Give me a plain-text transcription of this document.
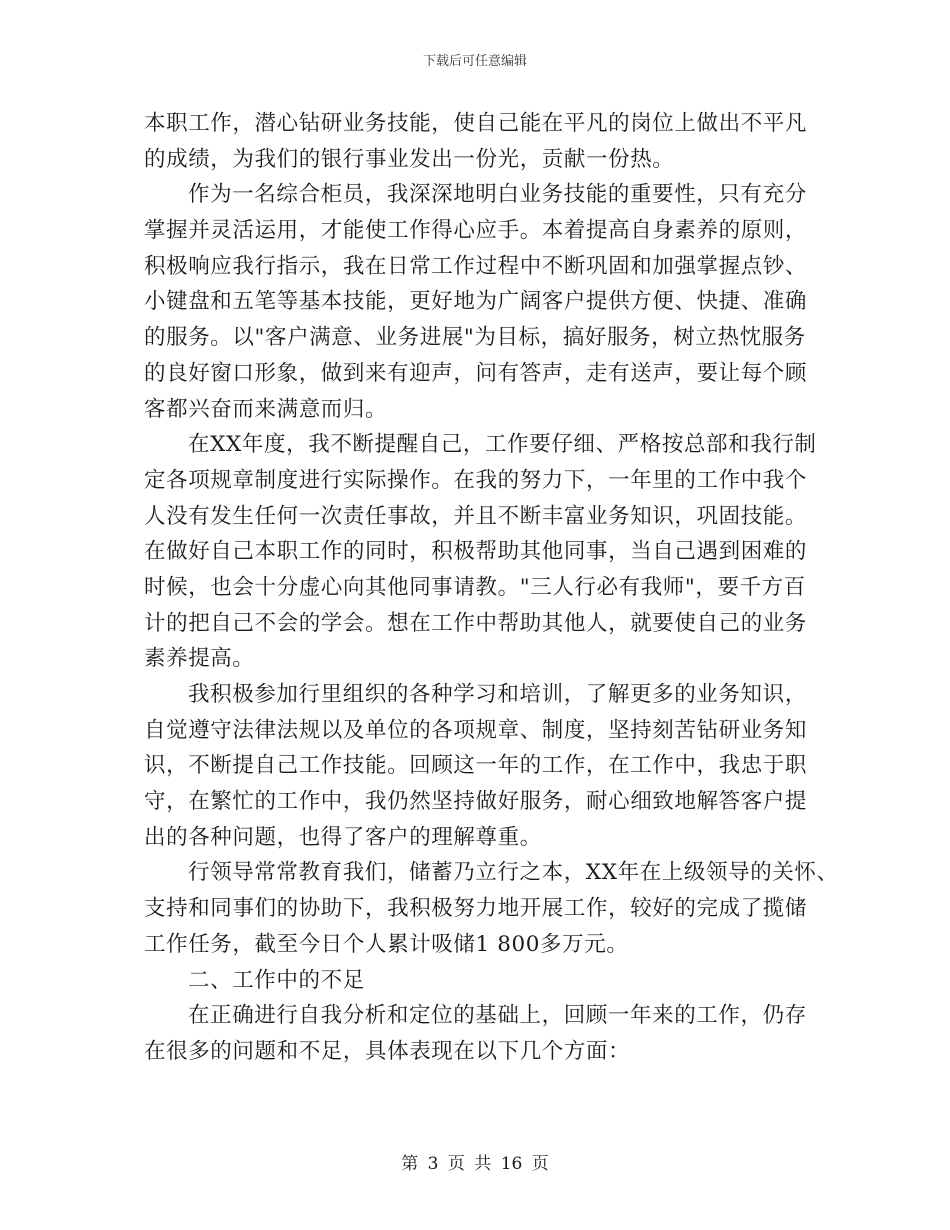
下载后可任意编辑
本职工作，潜心钻研业务技能，使自己能在平凡的岗位上做出不平凡
的成绩，为我们的银行事业发出一份光，贡献一份热。
作为一名综合柜员，我深深地明白业务技能的重要性，只有充分
掌握并灵活运用，才能使工作得心应手。本着提高自身素养的原则，
积极响应我行指示，我在日常工作过程中不断巩固和加强掌握点钞、
小键盘和五笔等基本技能，更好地为广阔客户提供方便、快捷、准确
的服务。以"客户满意、业务进展"为目标，搞好服务，树立热忱服务
的良好窗口形象，做到来有迎声，问有答声，走有送声，要让每个顾
客都兴奋而来满意而归。
在XX年度，我不断提醒自己，工作要仔细、严格按总部和我行制
定各项规章制度进行实际操作。在我的努力下，一年里的工作中我个
人没有发生任何一次责任事故，并且不断丰富业务知识，巩固技能。
在做好自己本职工作的同时，积极帮助其他同事，当自己遇到困难的
时候，也会十分虚心向其他同事请教。"三人行必有我师"，要千方百
计的把自己不会的学会。想在工作中帮助其他人，就要使自己的业务
素养提高。
我积极参加行里组织的各种学习和培训，了解更多的业务知识，
自觉遵守法律法规以及单位的各项规章、制度，坚持刻苦钻研业务知
识，不断提自己工作技能。回顾这一年的工作，在工作中，我忠于职
守，在繁忙的工作中，我仍然坚持做好服务，耐心细致地解答客户提
出的各种问题，也得了客户的理解尊重。
行领导常常教育我们，储蓄乃立行之本，XX年在上级领导的关怀、
支持和同事们的协助下，我积极努力地开展工作，较好的完成了揽储
工作任务，截至今日个人累计吸储1 800多万元。
二、工作中的不足
在正确进行自我分析和定位的基础上，回顾一年来的工作，仍存
在很多的问题和不足，具体表现在以下几个方面：
第 3 页 共 16 页
